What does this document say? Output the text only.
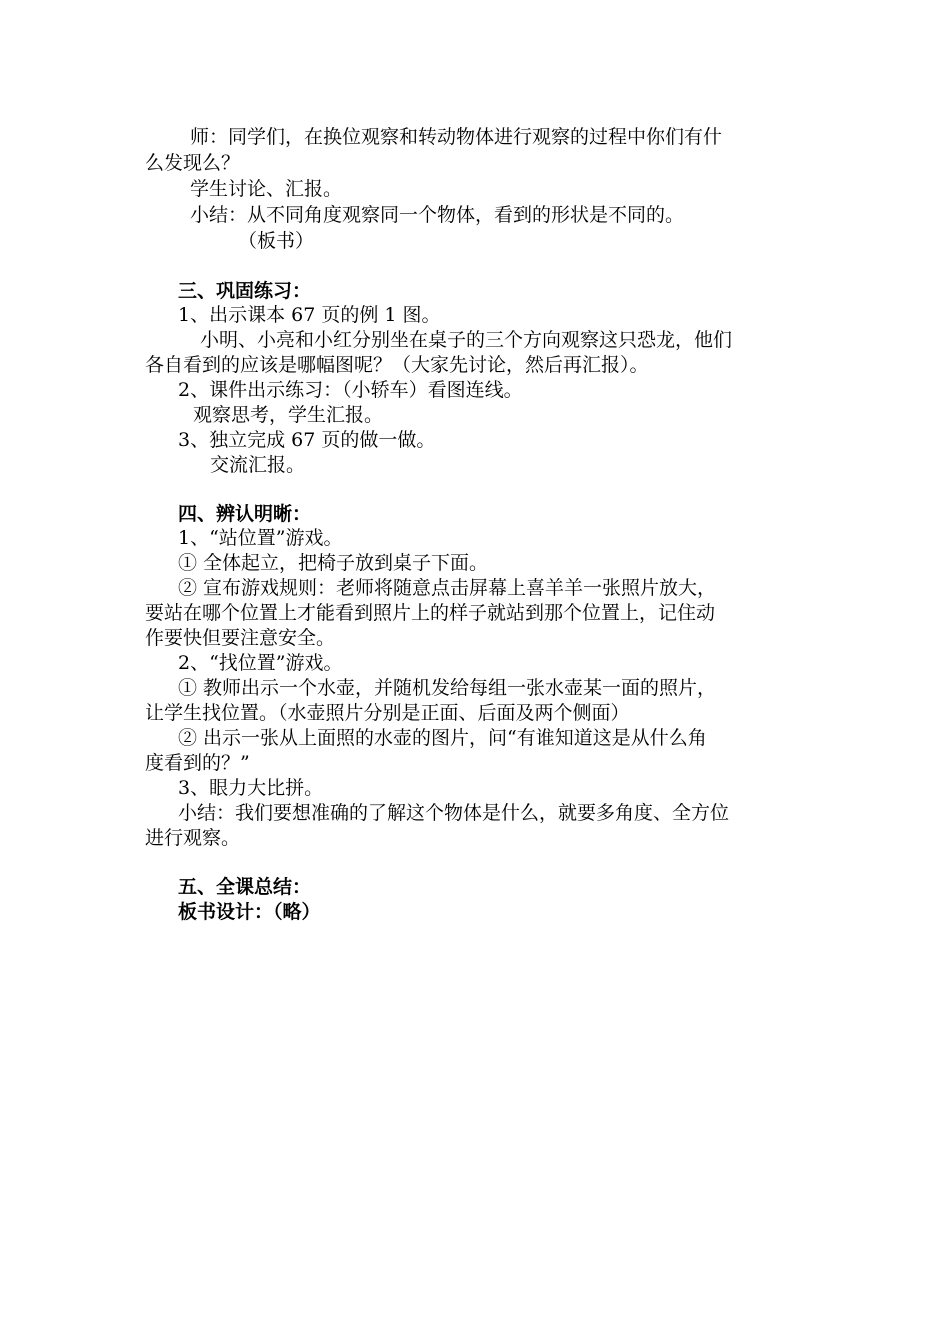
师：同学们，在换位观察和转动物体进行观察的过程中你们有什
么发现么？
学生讨论、汇报。
小结：从不同角度观察同一个物体，看到的形状是不同的。
（板书）
三、巩固练习：
1、出示课本 67 页的例 1 图。
小明、小亮和小红分别坐在桌子的三个方向观察这只恐龙，他们
各自看到的应该是哪幅图呢？（大家先讨论，然后再汇报）。
2、课件出示练习：（小轿车）看图连线。
观察思考，学生汇报。
3、独立完成 67 页的做一做。
交流汇报。
四、辨认明晰：
1、“站位置”游戏。
① 全体起立，把椅子放到桌子下面。
② 宣布游戏规则：老师将随意点击屏幕上喜羊羊一张照片放大，
要站在哪个位置上才能看到照片上的样子就站到那个位置上，记住动
作要快但要注意安全。
2、“找位置”游戏。
① 教师出示一个水壶，并随机发给每组一张水壶某一面的照片，
让学生找位置。（水壶照片分别是正面、后面及两个侧面）
② 出示一张从上面照的水壶的图片，问“有谁知道这是从什么角
度看到的？”
3、眼力大比拼。
小结：我们要想准确的了解这个物体是什么，就要多角度、全方位
进行观察。
五、全课总结：
板书设计：（略）
